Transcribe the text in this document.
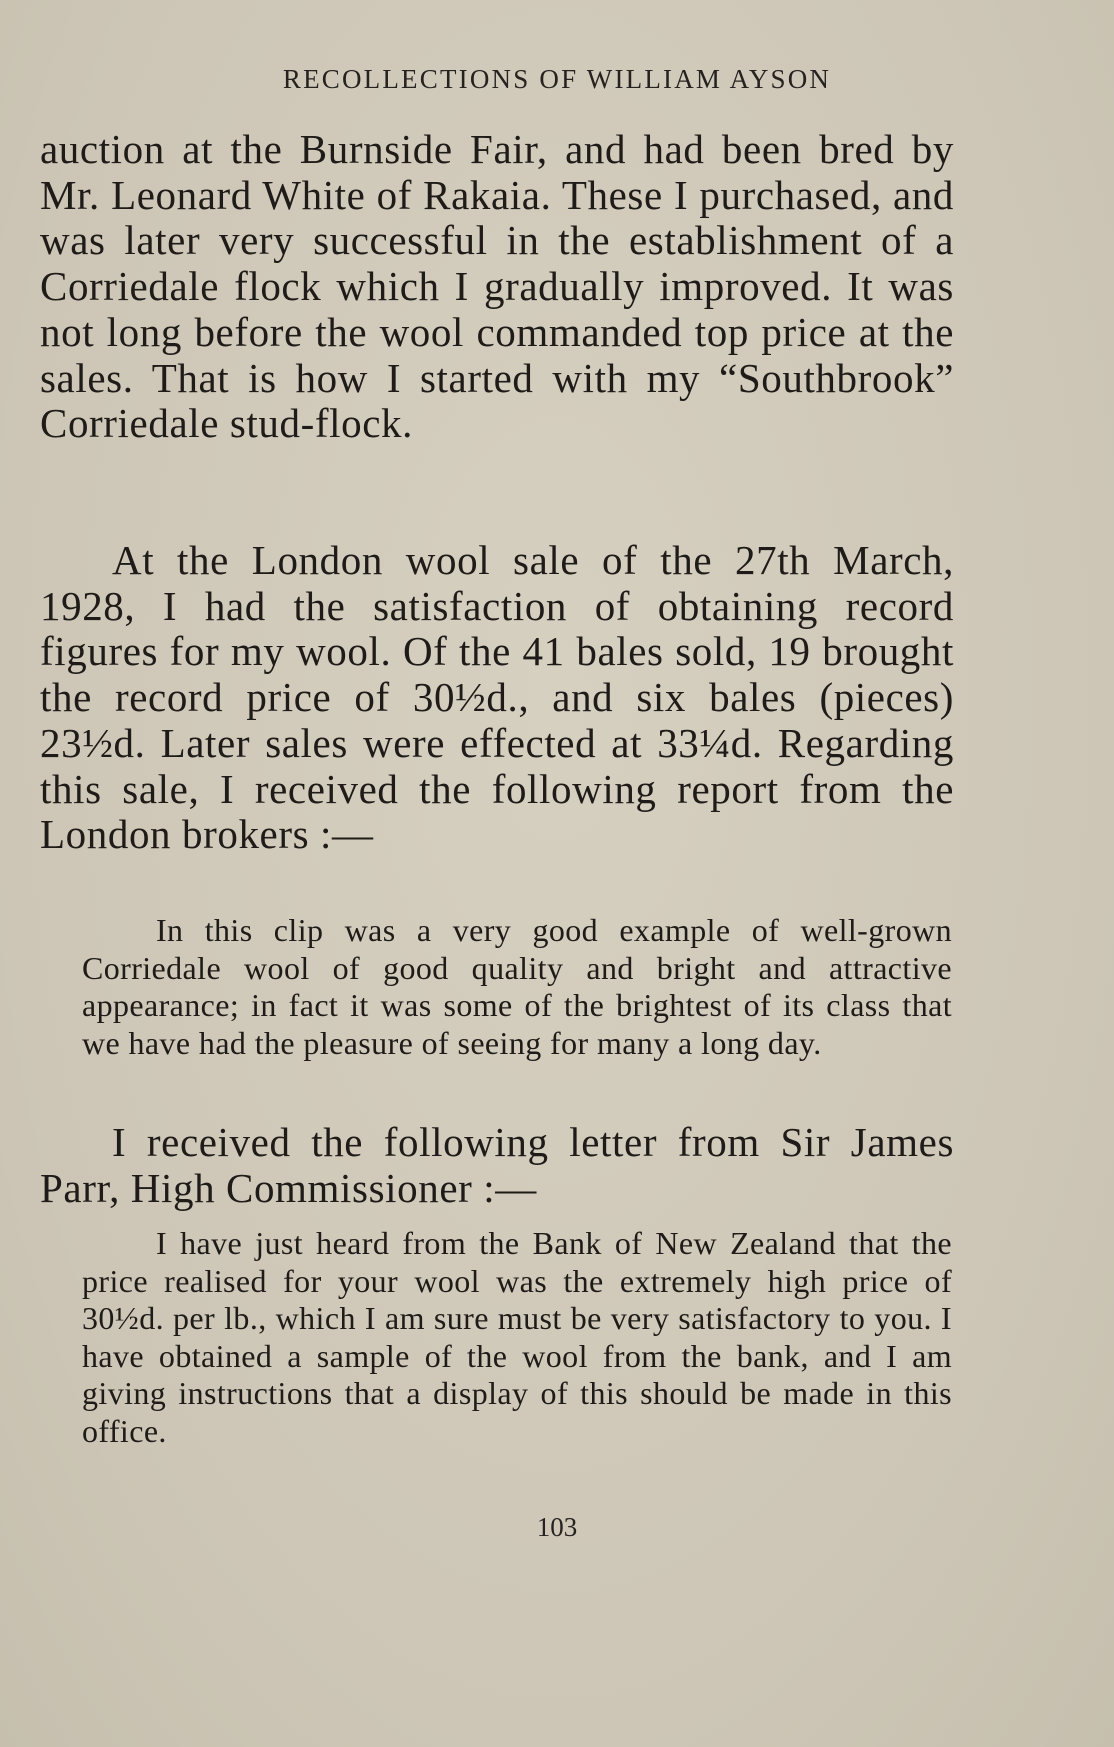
RECOLLECTIONS OF WILLIAM AYSON

auction at the Burnside Fair, and had been bred by Mr. Leonard White of Rakaia. These I purchased, and was later very successful in the establishment of a Corriedale flock which I gradually improved. It was not long before the wool commanded top price at the sales. That is how I started with my “Southbrook” Corriedale stud-flock.

At the London wool sale of the 27th March, 1928, I had the satisfaction of obtaining record figures for my wool. Of the 41 bales sold, 19 brought the record price of 30½d., and six bales (pieces) 23½d. Later sales were effected at 33¼d. Regarding this sale, I received the following report from the London brokers :—

In this clip was a very good example of well-grown Corriedale wool of good quality and bright and attractive appearance; in fact it was some of the brightest of its class that we have had the pleasure of seeing for many a long day.

I received the following letter from Sir James Parr, High Commissioner :—

I have just heard from the Bank of New Zealand that the price realised for your wool was the extremely high price of 30½d. per lb., which I am sure must be very satisfactory to you. I have obtained a sample of the wool from the bank, and I am giving instructions that a display of this should be made in this office.

103
